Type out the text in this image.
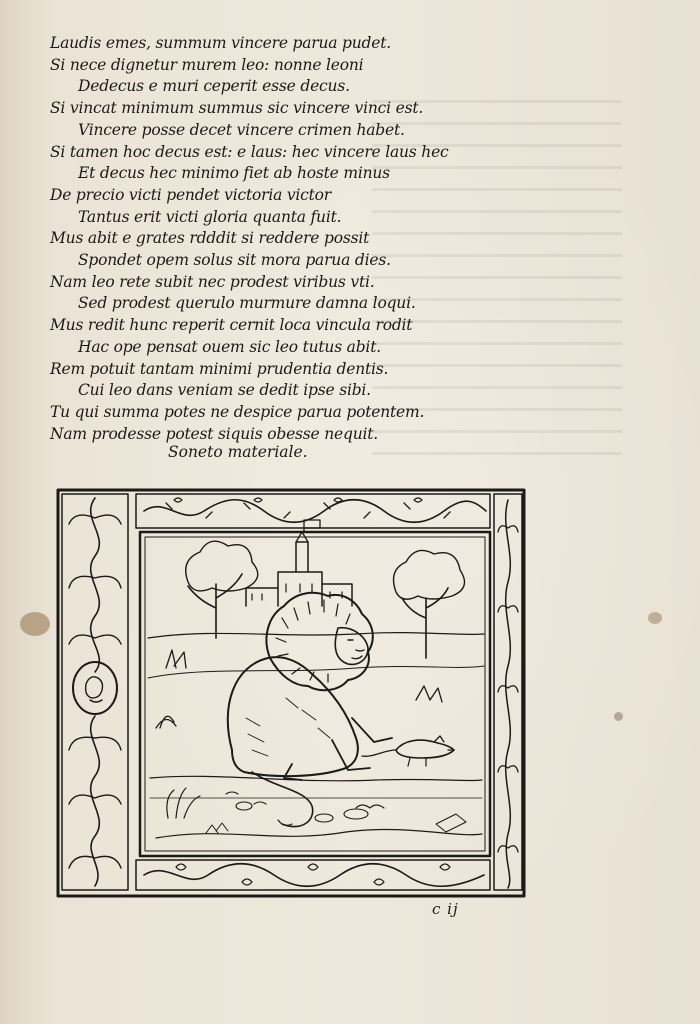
Laudis emes, summum vincere parua pudet.
Si nece dignetur murem leo: nonne leoni
Dedecus e muri ceperit esse decus.
Si vincat minimum summus sic vincere vinci est.
Vincere posse decet vincere crimen habet.
Si tamen hoc decus est: e laus: hec vincere laus hec
Et decus hec minimo fiet ab hoste minus
De precio victi pendet victoria victor
Tantus erit victi gloria quanta fuit.
Mus abit e grates rdddit si reddere possit
Spondet opem solus sit mora parua dies.
Nam leo rete subit nec prodest viribus vti.
Sed prodest querulo murmure damna loqui.
Mus redit hunc reperit cernit loca vincula rodit
Hac ope pensat ouem sic leo tutus abit.
Rem potuit tantam minimi prudentia dentis.
Cui leo dans veniam se dedit ipse sibi.
Tu qui summa potes ne despice parua potentem.
Nam prodesse potest siquis obesse nequit.
Soneto materiale.
c ij
